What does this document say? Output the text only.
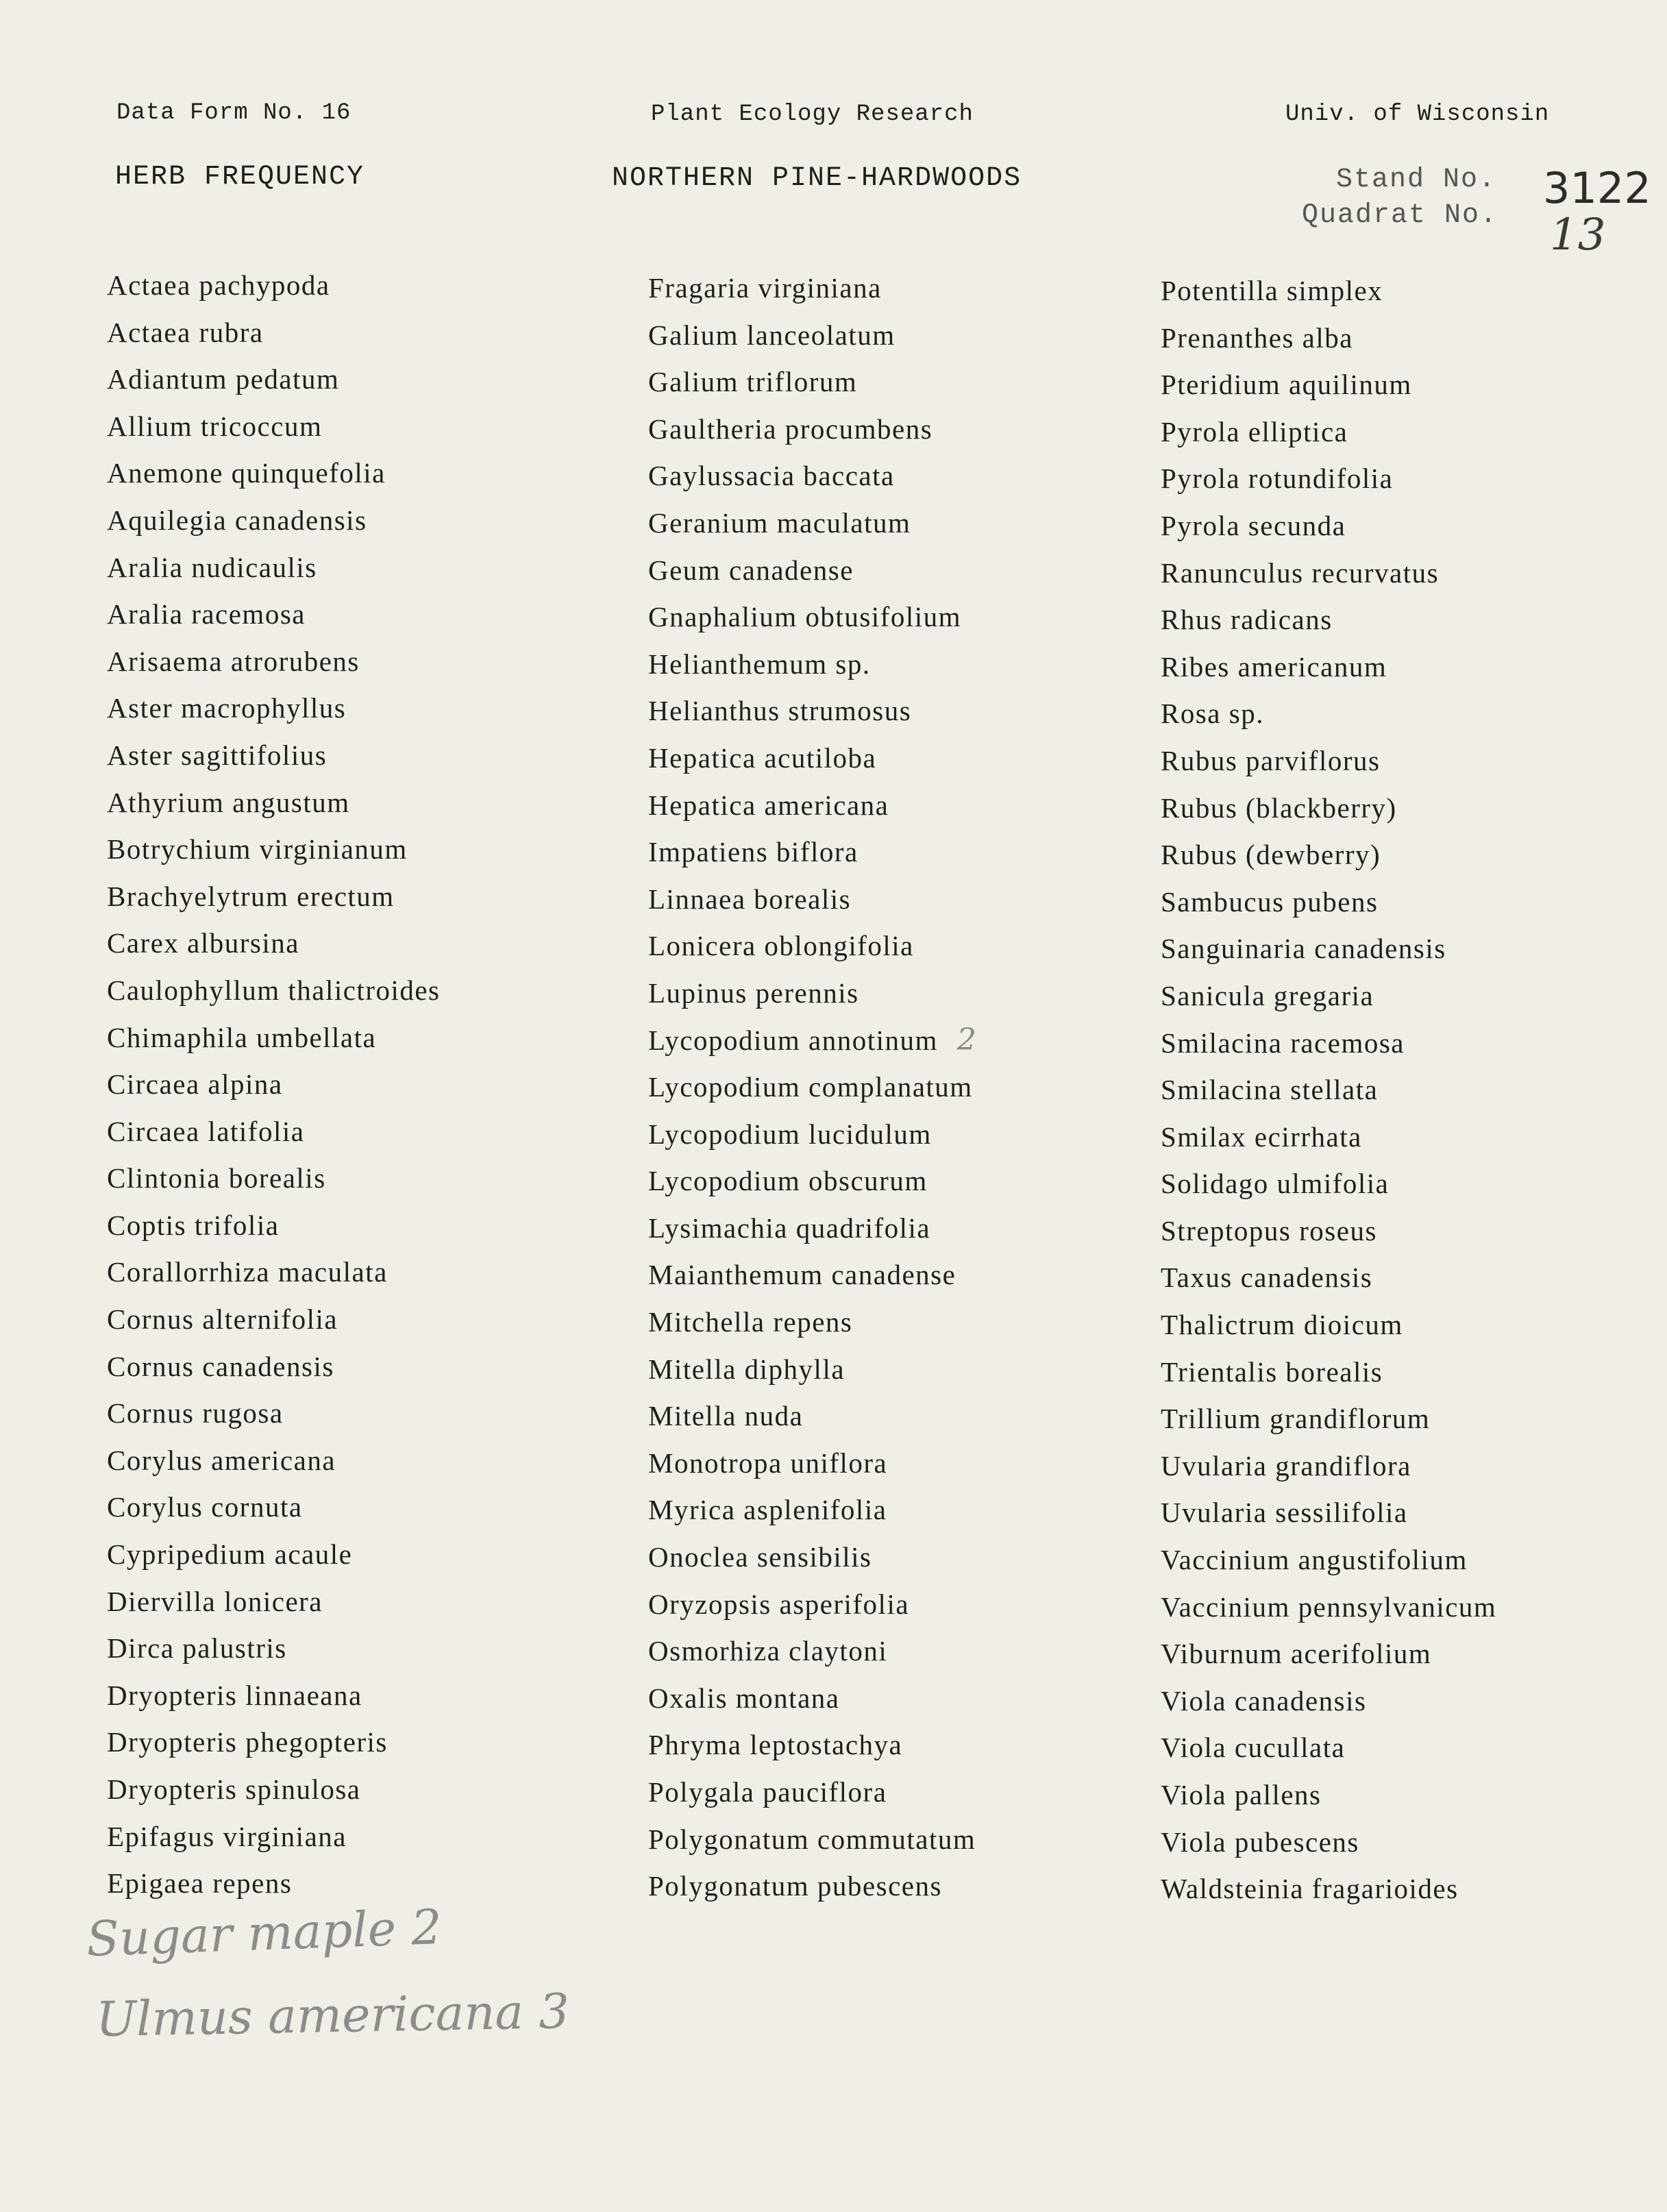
Data Form No. 16	Plant Ecology Research	Univ. of Wisconsin
HERB FREQUENCY	NORTHERN PINE-HARDWOODS	Stand No.
Quadrat No.
3122
13
Actaea pachypoda
Actaea rubra
Adiantum pedatum
Allium tricoccum
Anemone quinquefolia
Aquilegia canadensis
Aralia nudicaulis
Aralia racemosa
Arisaema atrorubens
Aster macrophyllus
Aster sagittifolius
Athyrium angustum
Botrychium virginianum
Brachyelytrum erectum
Carex albursina
Caulophyllum thalictroides
Chimaphila umbellata
Circaea alpina
Circaea latifolia
Clintonia borealis
Coptis trifolia
Corallorrhiza maculata
Cornus alternifolia
Cornus canadensis
Cornus rugosa
Corylus americana
Corylus cornuta
Cypripedium acaule
Diervilla lonicera
Dirca palustris
Dryopteris linnaeana
Dryopteris phegopteris
Dryopteris spinulosa
Epifagus virginiana
Epigaea repens
Fragaria virginiana
Galium lanceolatum
Galium triflorum
Gaultheria procumbens
Gaylussacia baccata
Geranium maculatum
Geum canadense
Gnaphalium obtusifolium
Helianthemum sp.
Helianthus strumosus
Hepatica acutiloba
Hepatica americana
Impatiens biflora
Linnaea borealis
Lonicera oblongifolia
Lupinus perennis
Lycopodium annotinum 2
Lycopodium complanatum
Lycopodium lucidulum
Lycopodium obscurum
Lysimachia quadrifolia
Maianthemum canadense
Mitchella repens
Mitella diphylla
Mitella nuda
Monotropa uniflora
Myrica asplenifolia
Onoclea sensibilis
Oryzopsis asperifolia
Osmorhiza claytoni
Oxalis montana
Phryma leptostachya
Polygala pauciflora
Polygonatum commutatum
Polygonatum pubescens
Potentilla simplex
Prenanthes alba
Pteridium aquilinum
Pyrola elliptica
Pyrola rotundifolia
Pyrola secunda
Ranunculus recurvatus
Rhus radicans
Ribes americanum
Rosa sp.
Rubus parviflorus
Rubus (blackberry)
Rubus (dewberry)
Sambucus pubens
Sanguinaria canadensis
Sanicula gregaria
Smilacina racemosa
Smilacina stellata
Smilax ecirrhata
Solidago ulmifolia
Streptopus roseus
Taxus canadensis
Thalictrum dioicum
Trientalis borealis
Trillium grandiflorum
Uvularia grandiflora
Uvularia sessilifolia
Vaccinium angustifolium
Vaccinium pennsylvanicum
Viburnum acerifolium
Viola canadensis
Viola cucullata
Viola pallens
Viola pubescens
Waldsteinia fragarioides
Sugar maple 2
Ulmus americana 3
